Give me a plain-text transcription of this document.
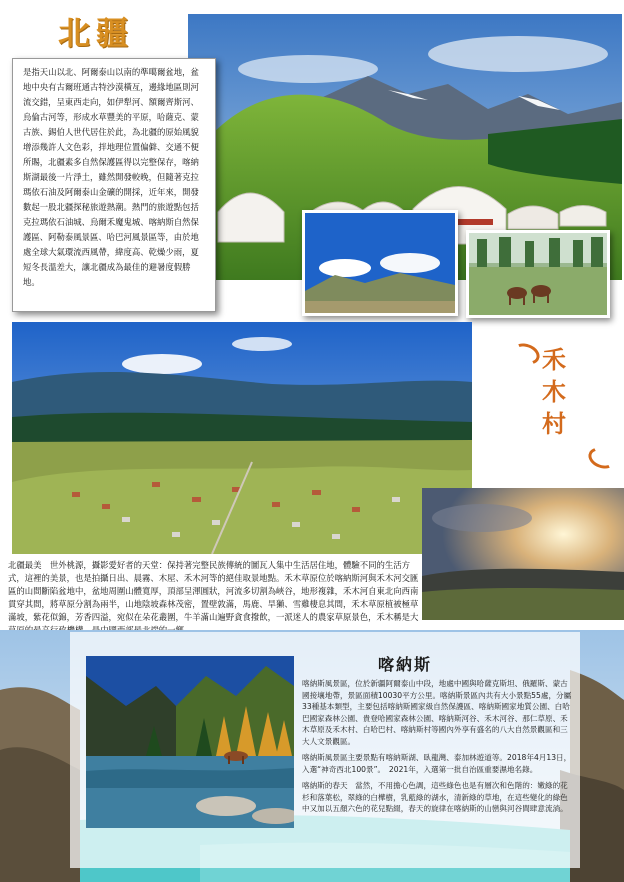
北疆
是指天山以北、阿爾泰山以南的準噶爾盆地，盆地中央有古爾班通古特沙漠橫亙，邊緣地區則河流交錯，呈東西走向，如伊犁河、額爾齊斯河、烏倫古河等，形成水草豐美的平原，哈薩克、蒙古族、錫伯人世代居住於此，為北疆的原始風貌增添幾許人文色彩，拌地理位置偏僻、交通不便所賜，北疆素多自然保護區得以完整保存，喀納斯湖最後一片淨土，雖然開發較晚，但隨著克拉瑪依石油及阿爾泰山金礦的開採，近年來，開發數起一股北疆探秘旅遊熱潮。熱門的旅遊點包括克拉瑪依石油城、烏爾禾魔鬼城、喀納斯自然保護區、阿勒泰風景區、哈巴河風景區等，由於地處全球大氣環流西風帶，緯度高、乾燥少雨，夏短冬長溫差大，讓北疆成為最佳的避暑度假勝地。
禾
木
村
北疆最美　世外桃源，攝影愛好者的天堂：保持著完整民族傳統的圖瓦人集中生活居住地，體驗不同的生活方式，這裡的美景，也是拍攝日出、晨霧、木屋、禾木河等的絕佳取景地點。禾木草原位於喀納斯河與禾木河交匯區的山間斷陷盆地中，盆地周圍山體寬厚，頂部呈渾圓狀，河流多切割為峽谷，地形複雜，禾木河自東北向西南貫穿其間，將草原分割為兩半，山地陰坡森林茂密，置壁敦滿，馬鹿、旱獺、雪雞棲息其間，禾木草原植被極草滿坡，紫花似錦，芳香四溢，宛似在朵花叢圍，牛羊滿山遍野貪食撥飲，一派迷人的農家草原景色，禾木稱是大
喀納斯

喀納斯風景區，位於新疆阿爾泰山中段，地處中國與哈薩克斯坦、俄羅斯、蒙古國接壤地帶，景區面積10030平方公里。喀納斯景區內共有大小景點55處，分屬33種基本類型，主要包括喀納斯國家級自然保護區、喀納斯國家地質公園、白哈巴國家森林公園、貴登哈國家森林公園、喀納斯河谷、禾木河谷、那仁草原、禾木草原及禾木村、白哈巴村、喀納斯村等國內外享有盛名的八大自然景觀區和三大人文景觀區。

喀納斯風景區主要景點有喀納斯湖、臥龍灣、泰加林遊道等。2018年4月13日，入選“神奇西北100景”。　2021年，入選第一批自治區重要濕地名錄。

喀納斯的春天　當然，不用擔心色調，這些綠色也是有層次和色階的：嫩綠的花杉和落葉松，翠綠的白樺樹，乳藍綠的湖水，清新綠的草地，在這些變化的綠色中又加以五顏六色的花兒點綴，春天的旋律在喀納斯的山巒與河谷間肆意流淌。
